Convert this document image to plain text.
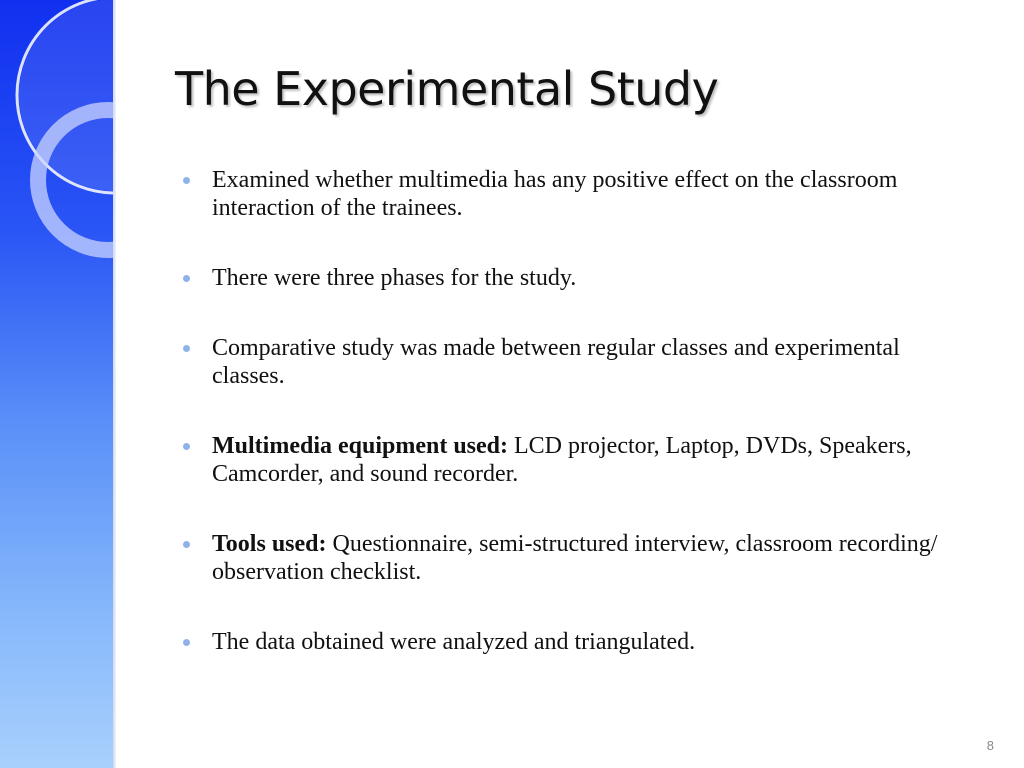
The Experimental Study
Examined whether multimedia has any positive effect on the classroom interaction of the trainees.
There were three phases for the study.
Comparative study was made between regular classes and experimental classes.
Multimedia equipment used: LCD projector, Laptop, DVDs, Speakers, Camcorder, and sound recorder.
Tools used: Questionnaire, semi-structured interview, classroom recording/ observation checklist.
The data obtained were analyzed and triangulated.
8
